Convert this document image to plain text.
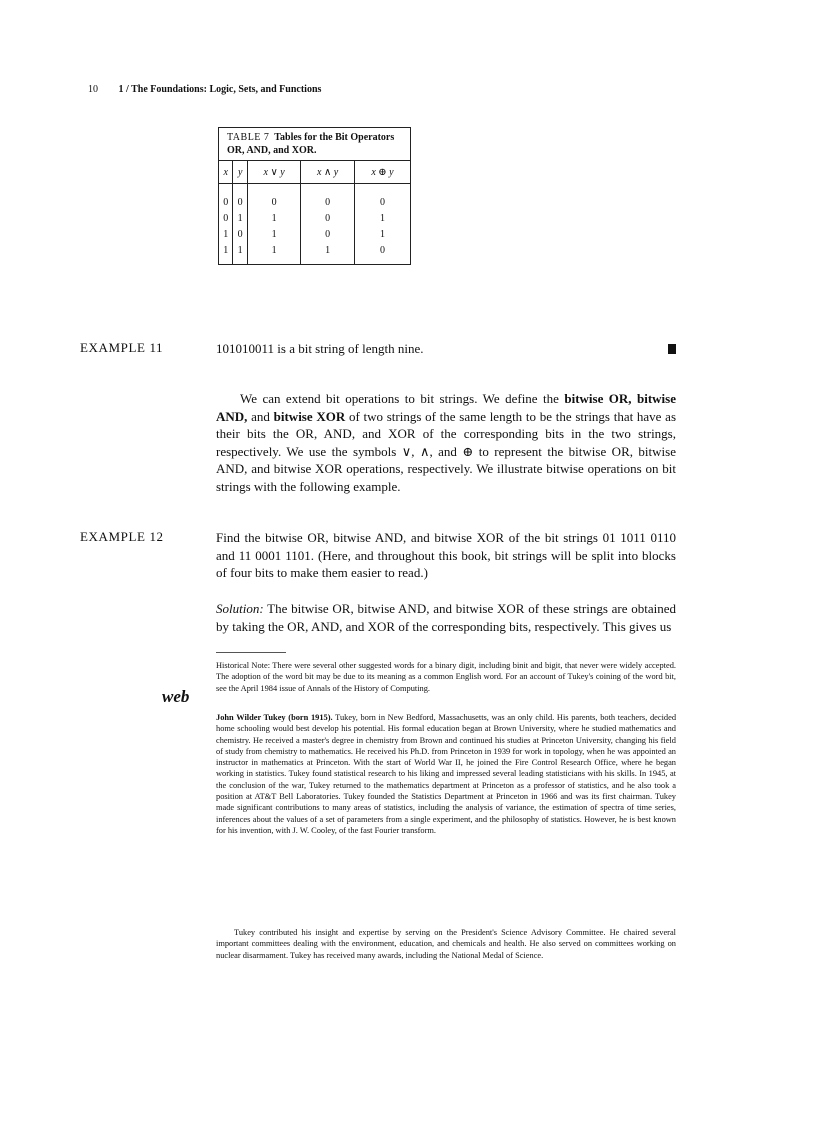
10 1 / The Foundations: Logic, Sets, and Functions
TABLE 7 Tables for the Bit Operators OR, AND, and XOR.
x	y	x ∨ y	x ∧ y	x ⊕ y
0	0	0	0	0
0	1	1	0	1
1	0	1	0	1
1	1	1	1	0
EXAMPLE 11	101010011 is a bit string of length nine.
We can extend bit operations to bit strings. We define the bitwise OR, bitwise AND, and bitwise XOR of two strings of the same length to be the strings that have as their bits the OR, AND, and XOR of the corresponding bits in the two strings, respectively. We use the symbols ∨, ∧, and ⊕ to represent the bitwise OR, bitwise AND, and bitwise XOR operations, respectively. We illustrate bitwise operations on bit strings with the following example.
EXAMPLE 12	Find the bitwise OR, bitwise AND, and bitwise XOR of the bit strings 01 1011 0110 and 11 0001 1101. (Here, and throughout this book, bit strings will be split into blocks of four bits to make them easier to read.)
Solution: The bitwise OR, bitwise AND, and bitwise XOR of these strings are obtained by taking the OR, AND, and XOR of the corresponding bits, respectively. This gives us
Historical Note: There were several other suggested words for a binary digit, including binit and bigit, that never were widely accepted. The adoption of the word bit may be due to its meaning as a common English word. For an account of Tukey's coining of the word bit, see the April 1984 issue of Annals of the History of Computing.
web
John Wilder Tukey (born 1915). Tukey, born in New Bedford, Massachusetts, was an only child. His parents, both teachers, decided home schooling would best develop his potential. His formal education began at Brown University, where he studied mathematics and chemistry. He received a master's degree in chemistry from Brown and continued his studies at Princeton University, changing his field of study from chemistry to mathematics. He received his Ph.D. from Princeton in 1939 for work in topology, when he was appointed an instructor in mathematics at Princeton. With the start of World War II, he joined the Fire Control Research Office, where he began working in statistics. Tukey found statistical research to his liking and impressed several leading statisticians with his skills. In 1945, at the conclusion of the war, Tukey returned to the mathematics department at Princeton as a professor of statistics, and he also took a position at AT&T Bell Laboratories. Tukey founded the Statistics Department at Princeton in 1966 and was its first chairman. Tukey made significant contributions to many areas of statistics, including the analysis of variance, the estimation of spectra of time series, inferences about the values of a set of parameters from a single experiment, and the philosophy of statistics. However, he is best known for his invention, with J. W. Cooley, of the fast Fourier transform.
Tukey contributed his insight and expertise by serving on the President's Science Advisory Committee. He chaired several important committees dealing with the environment, education, and chemicals and health. He also served on committees working on nuclear disarmament. Tukey has received many awards, including the National Medal of Science.
